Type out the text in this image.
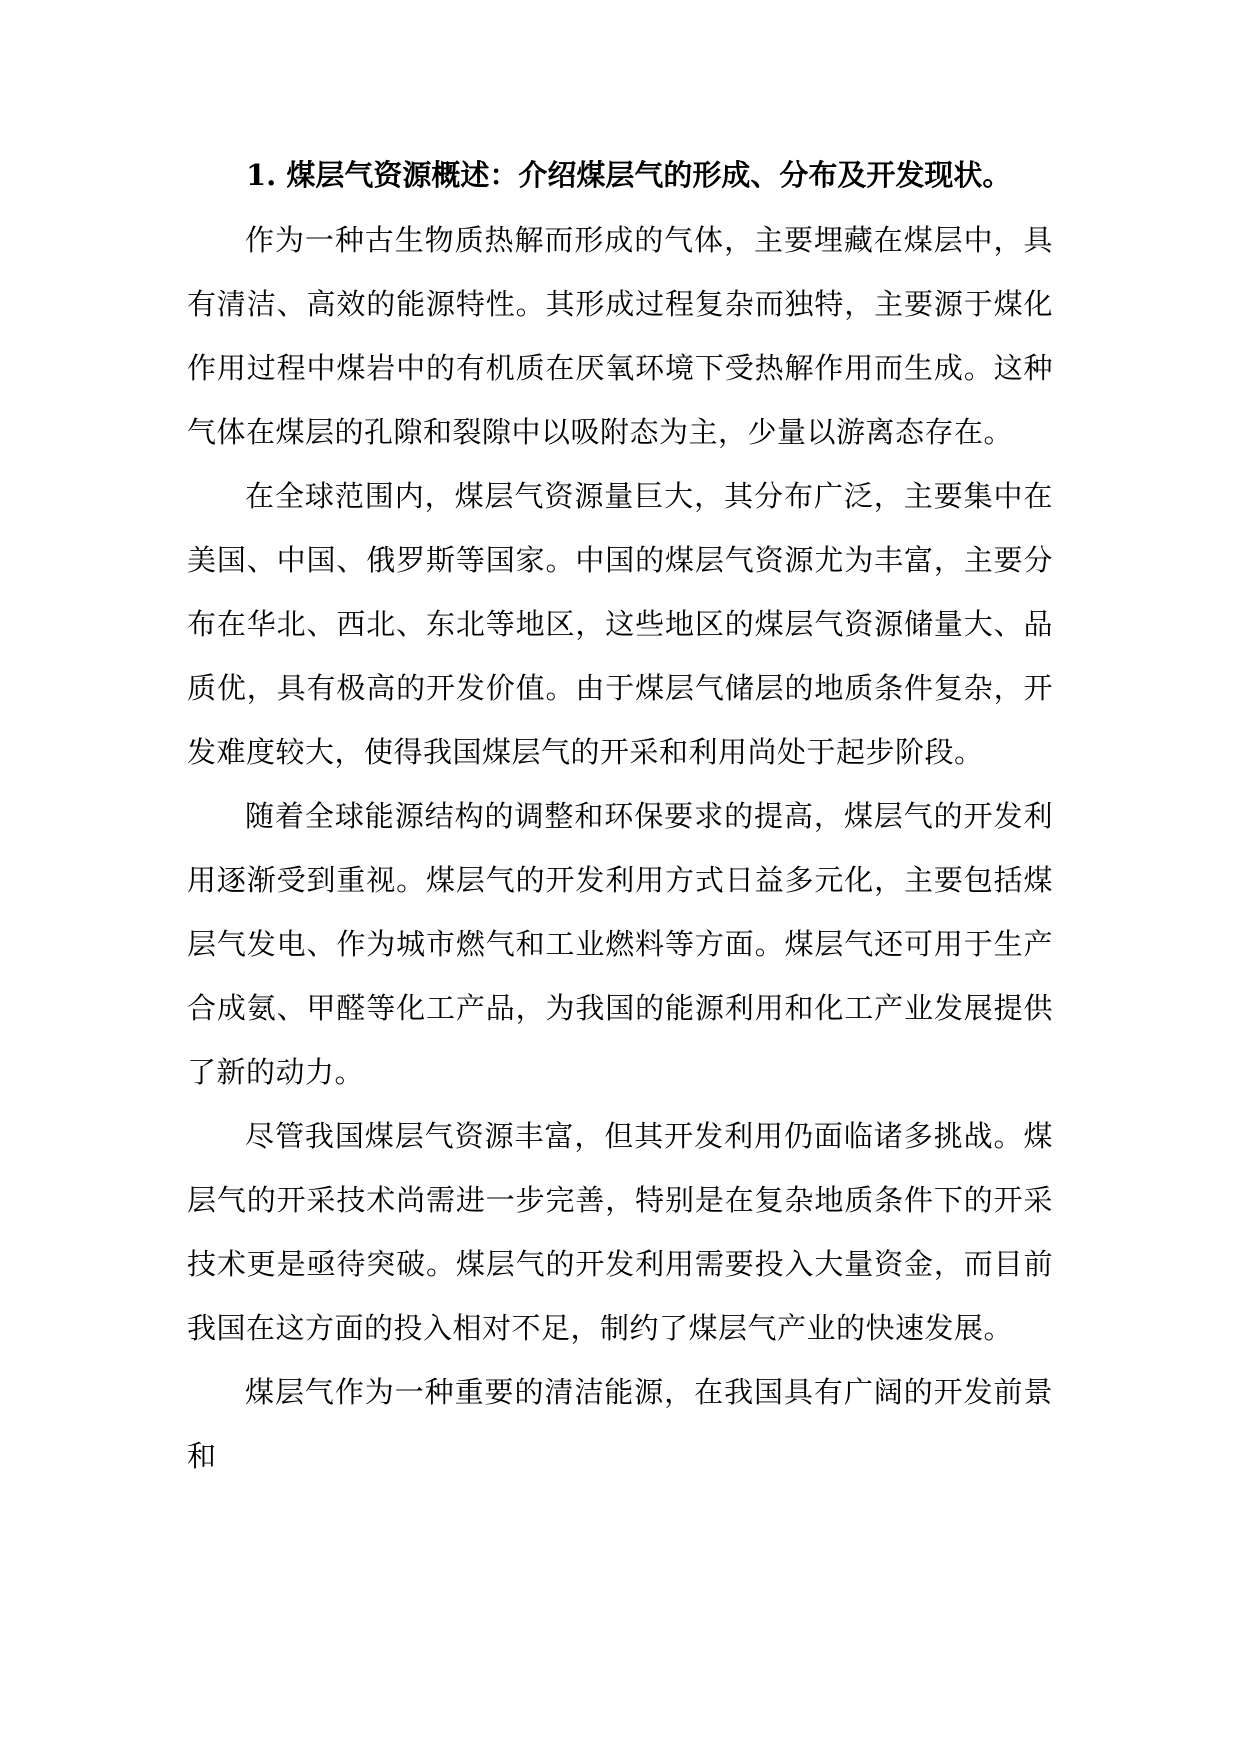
1. 煤层气资源概述：介绍煤层气的形成、分布及开发现状。

作为一种古生物质热解而形成的气体，主要埋藏在煤层中，具有清洁、高效的能源特性。其形成过程复杂而独特，主要源于煤化作用过程中煤岩中的有机质在厌氧环境下受热解作用而生成。这种气体在煤层的孔隙和裂隙中以吸附态为主，少量以游离态存在。

在全球范围内，煤层气资源量巨大，其分布广泛，主要集中在美国、中国、俄罗斯等国家。中国的煤层气资源尤为丰富，主要分布在华北、西北、东北等地区，这些地区的煤层气资源储量大、品质优，具有极高的开发价值。由于煤层气储层的地质条件复杂，开发难度较大，使得我国煤层气的开采和利用尚处于起步阶段。

随着全球能源结构的调整和环保要求的提高，煤层气的开发利用逐渐受到重视。煤层气的开发利用方式日益多元化，主要包括煤层气发电、作为城市燃气和工业燃料等方面。煤层气还可用于生产合成氨、甲醛等化工产品，为我国的能源利用和化工产业发展提供了新的动力。

尽管我国煤层气资源丰富，但其开发利用仍面临诸多挑战。煤层气的开采技术尚需进一步完善，特别是在复杂地质条件下的开采技术更是亟待突破。煤层气的开发利用需要投入大量资金，而目前我国在这方面的投入相对不足，制约了煤层气产业的快速发展。

煤层气作为一种重要的清洁能源，在我国具有广阔的开发前景和
